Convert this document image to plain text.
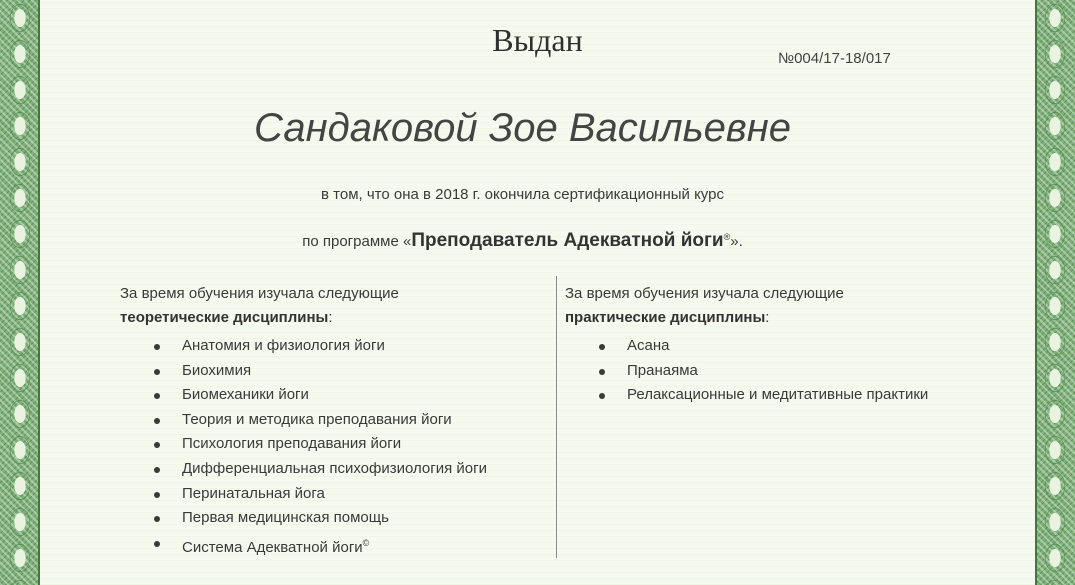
Выдан
№004/17-18/017
Сандаковой Зое Васильевне
в том, что она в 2018 г. окончила сертификационный курс
по программе «Преподаватель Адекватной йоги®».
За время обучения изучала следующие
теоретические дисциплины:
Анатомия и физиология йоги
Биохимия
Биомеханики йоги
Теория и методика преподавания йоги
Психология преподавания йоги
Дифференциальная психофизиология йоги
Перинатальная йога
Первая медицинская помощь
Система Адекватной йоги©
За время обучения изучала следующие
практические дисциплины:
Асана
Пранаяма
Релаксационные и медитативные практики
